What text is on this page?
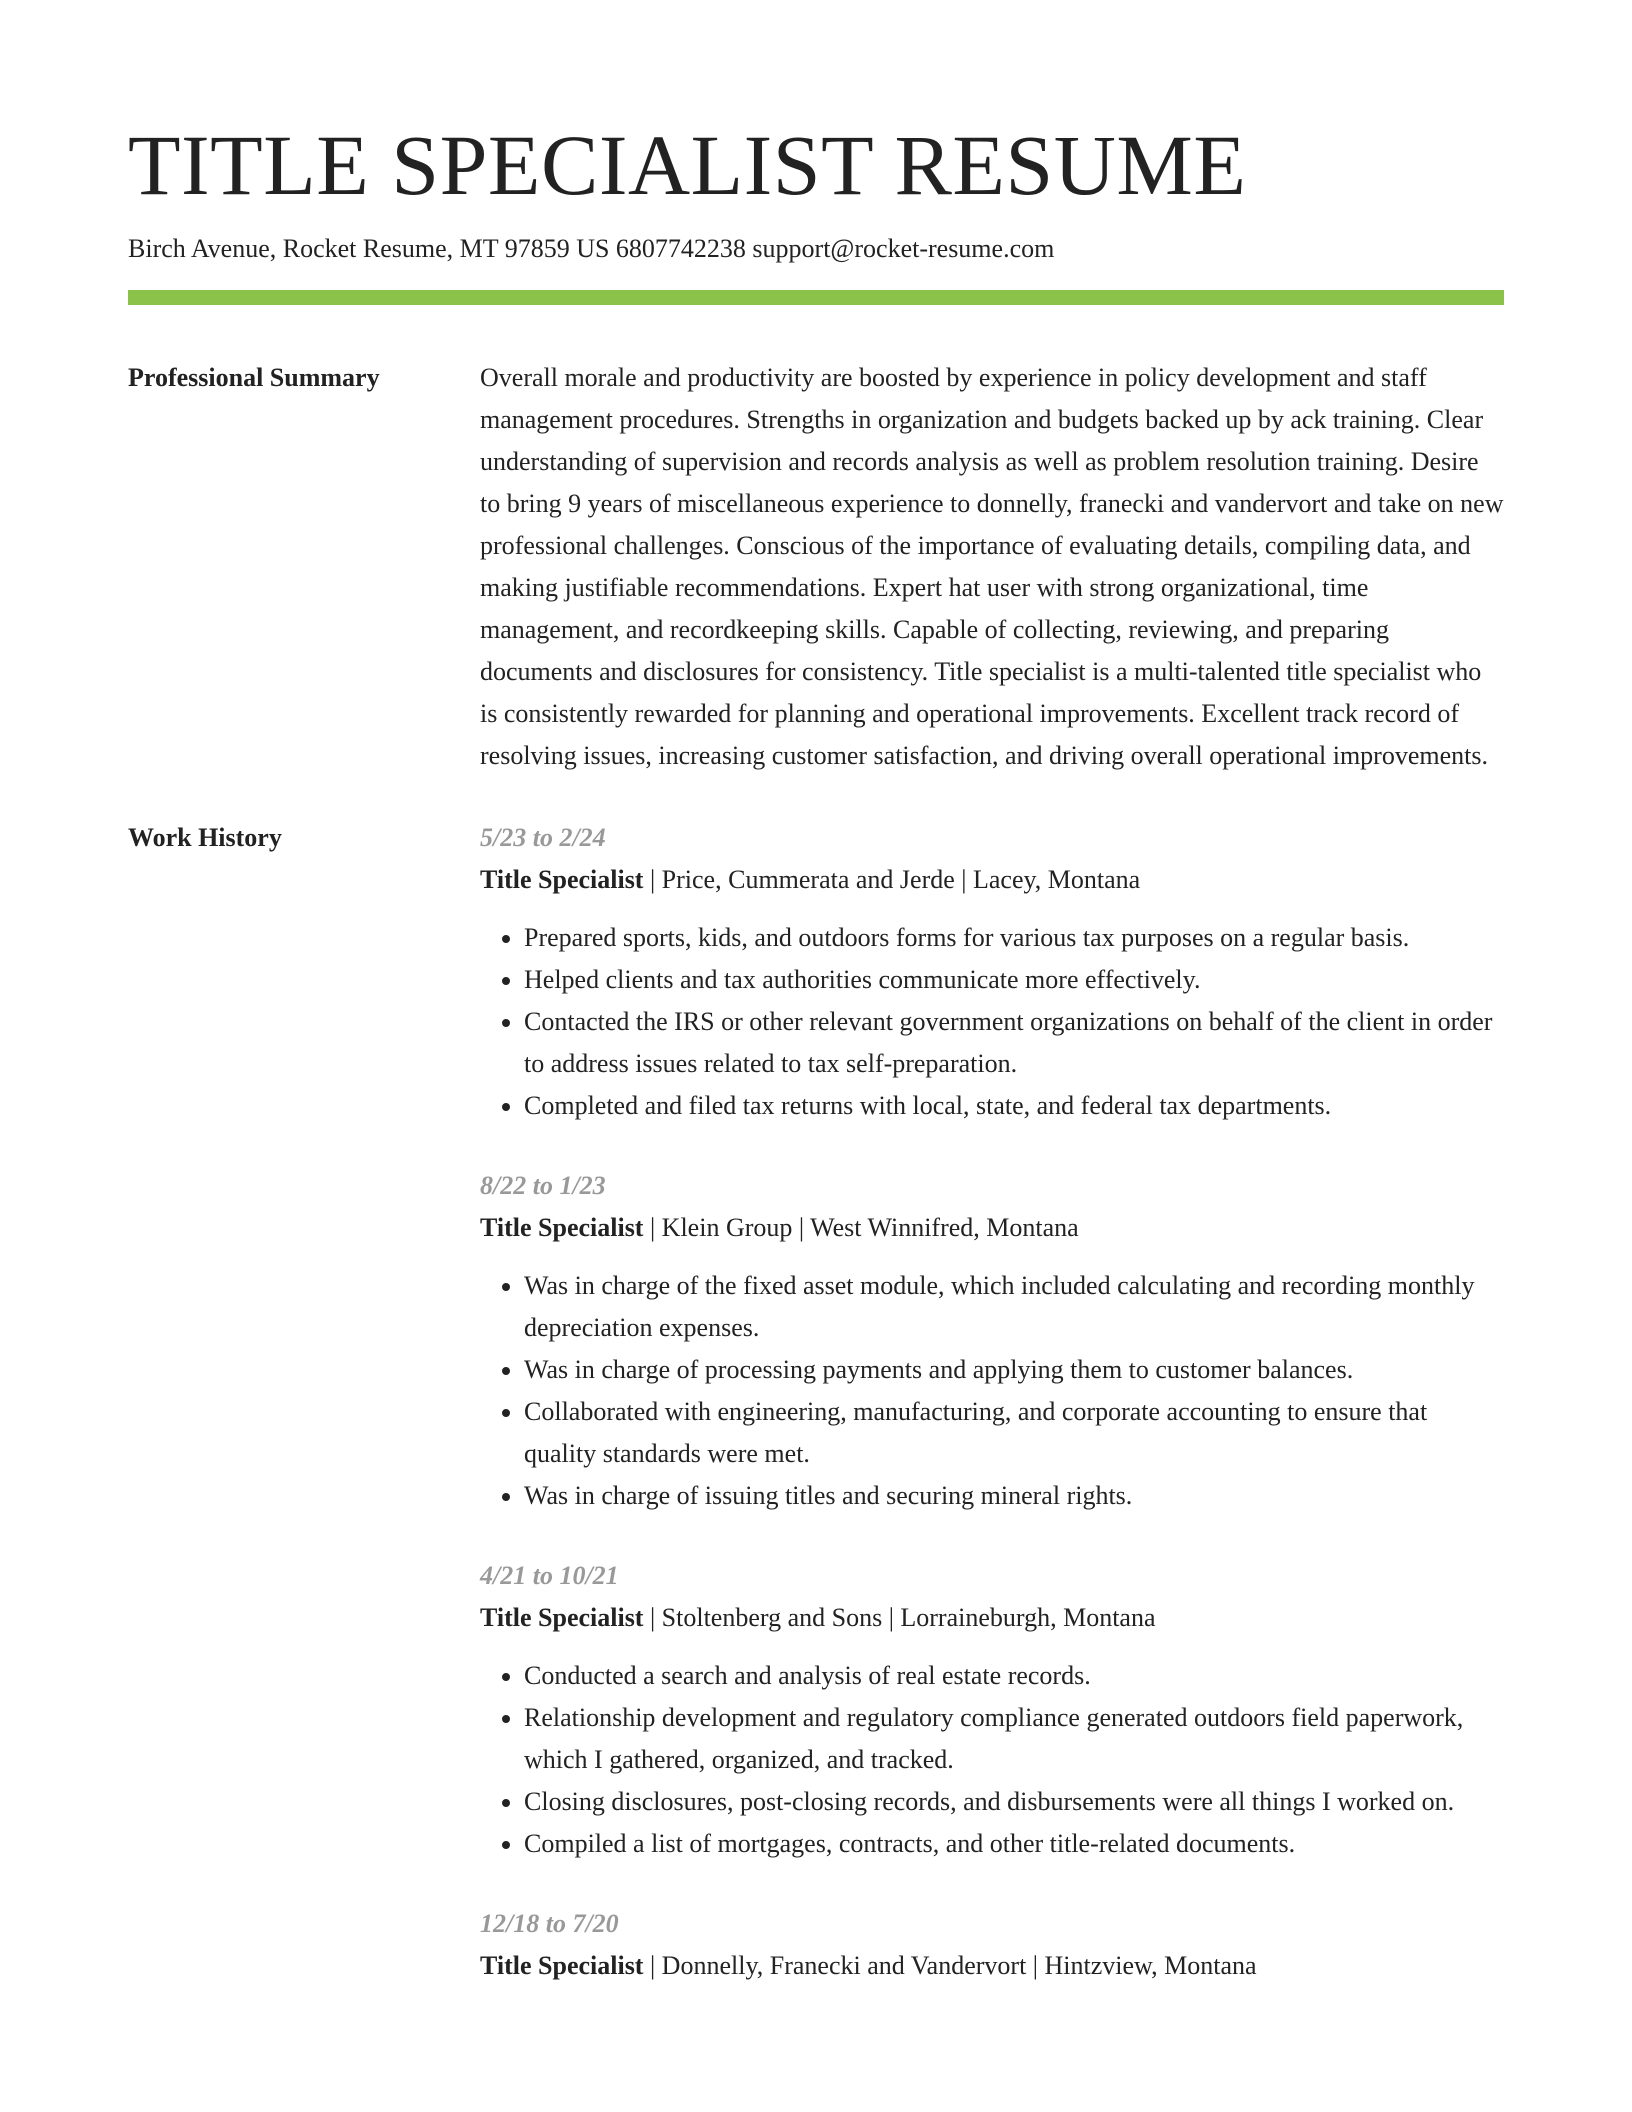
TITLE SPECIALIST RESUME
Birch Avenue, Rocket Resume, MT 97859 US 6807742238 support@rocket-resume.com
Professional Summary	Overall morale and productivity are boosted by experience in policy development and staff management procedures. Strengths in organization and budgets backed up by ack training. Clear understanding of supervision and records analysis as well as problem resolution training. Desire to bring 9 years of miscellaneous experience to donnelly, franecki and vandervort and take on new professional challenges. Conscious of the importance of evaluating details, compiling data, and making justifiable recommendations. Expert hat user with strong organizational, time management, and recordkeeping skills. Capable of collecting, reviewing, and preparing documents and disclosures for consistency. Title specialist is a multi-talented title specialist who is consistently rewarded for planning and operational improvements. Excellent track record of resolving issues, increasing customer satisfaction, and driving overall operational improvements.

Work History	5/23 to 2/24
Title Specialist | Price, Cummerata and Jerde | Lacey, Montana
• Prepared sports, kids, and outdoors forms for various tax purposes on a regular basis.
• Helped clients and tax authorities communicate more effectively.
• Contacted the IRS or other relevant government organizations on behalf of the client in order to address issues related to tax self-preparation.
• Completed and filed tax returns with local, state, and federal tax departments.
8/22 to 1/23
Title Specialist | Klein Group | West Winnifred, Montana
• Was in charge of the fixed asset module, which included calculating and recording monthly depreciation expenses.
• Was in charge of processing payments and applying them to customer balances.
• Collaborated with engineering, manufacturing, and corporate accounting to ensure that quality standards were met.
• Was in charge of issuing titles and securing mineral rights.
4/21 to 10/21
Title Specialist | Stoltenberg and Sons | Lorraineburgh, Montana
• Conducted a search and analysis of real estate records.
• Relationship development and regulatory compliance generated outdoors field paperwork, which I gathered, organized, and tracked.
• Closing disclosures, post-closing records, and disbursements were all things I worked on.
• Compiled a list of mortgages, contracts, and other title-related documents.
12/18 to 7/20
Title Specialist | Donnelly, Franecki and Vandervort | Hintzview, Montana
